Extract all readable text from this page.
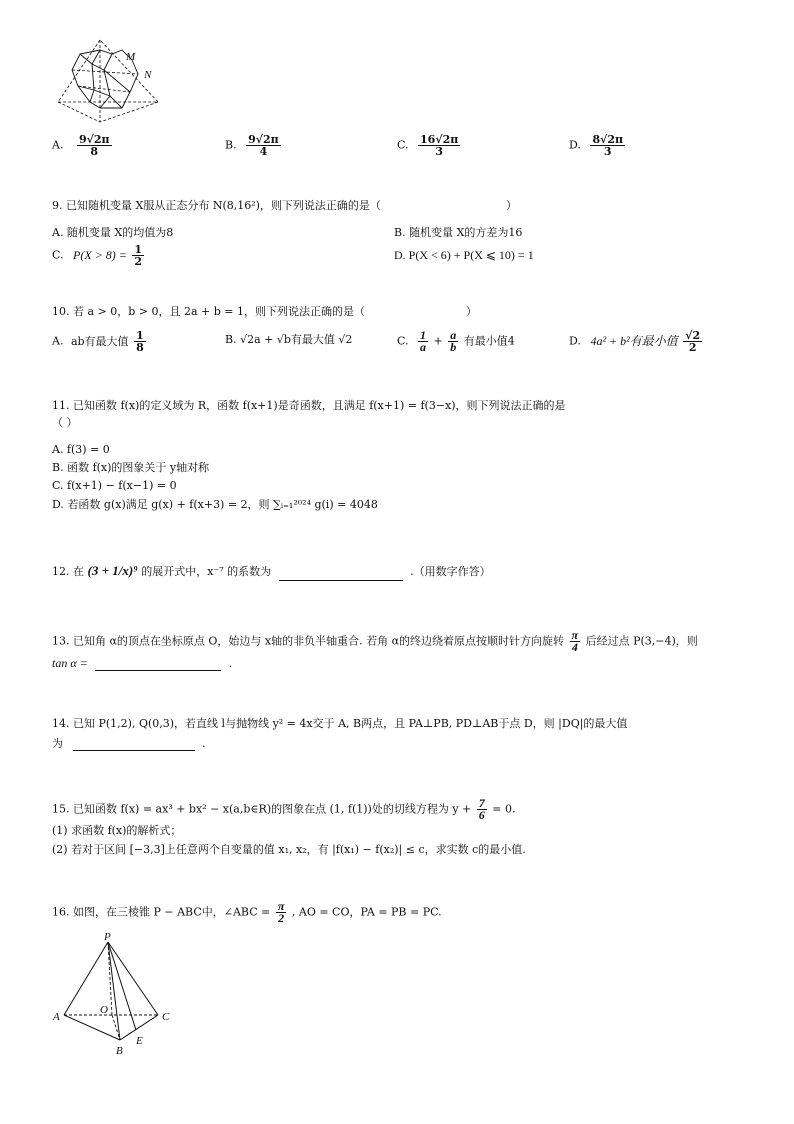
M
N
A. $\frac{9√2\pi}{8}$	B. $\frac{9√2\pi}{4}$	C. $\frac{16√2\pi}{3}$	D. $\frac{8√2\pi}{3}$
9. 已知随机变量 X服从正态分布 N(8,16²)，则下列说法正确的是（	）
A. 随机变量 X的均值为8	B. 随机变量 X的方差为16
C. $P(X > 8) = \frac{1}{2}$	D. P(X < 6) + P(X ⩽ 10) = 1
10. 若 a > 0，b > 0，且 2a + b = 1，则下列说法正确的是（	）
A. ab有最大值 $\frac{1}{8}$	B. √2a + √b有最大值 √2	C. $\frac{1}{a} + \frac{a}{b}$ 有最小值4	D. 4a² + b²有最小值 $\frac{√2}{2}$
11. 已知函数 f(x)的定义域为 R，函数 f(x+1)是奇函数，且满足 f(x+1) = f(3−x)，则下列说法正确的是
（ ）
A. f(3) = 0
B. 函数 f(x)的图象关于 y轴对称
C. f(x+1) − f(x−1) = 0
D. 若函数 g(x)满足 g(x) + f(x+3) = 2，则 ∑ᵢ₌₁²⁰²⁴ g(i) = 4048
12. 在 (3 + 1/x)⁹ 的展开式中，x⁻⁷ 的系数为	.（用数字作答）
13. 已知角 α的顶点在坐标原点 O，始边与 x轴的非负半轴重合. 若角 α的终边绕着原点按顺时针方向旋转 $\frac{\pi}{4}$ 后经过点 P(3,−4)，则
tan α =	.
14. 已知 P(1,2), Q(0,3)，若直线 l与抛物线 y² = 4x交于 A, B两点，且 PA⊥PB, PD⊥AB于点 D，则 |DQ|的最大值
为	.
15. 已知函数 f(x) = ax³ + bx² − x(a,b∈R)的图象在点 (1, f(1))处的切线方程为 $y + \frac{7}{6} = 0$.
(1) 求函数 f(x)的解析式；
(2) 若对于区间 [−3,3]上任意两个自变量的值 x₁, x₂，有 |f(x₁) − f(x₂)| ≤ c，求实数 c的最小值.
16. 如图，在三棱锥 P − ABC中，∠ABC = $\frac{\pi}{2}$ , AO = CO，PA = PB = PC.
P
A
O
C
B
E
